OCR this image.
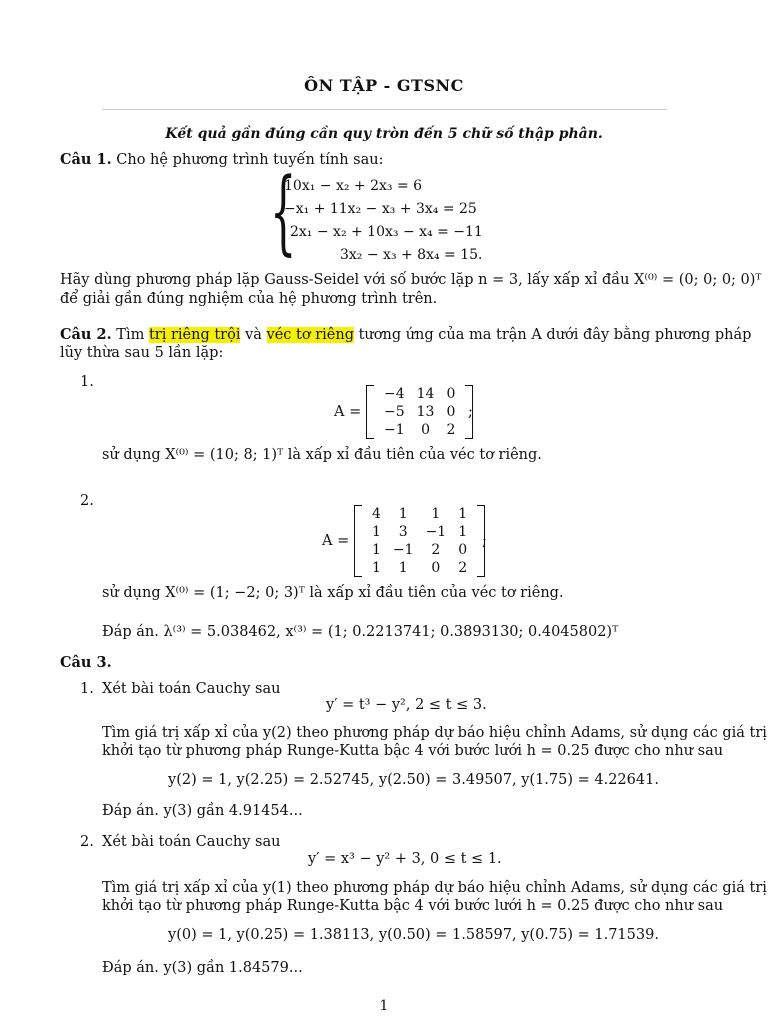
ÔN TẬP - GTSNC
Kết quả gần đúng cần quy tròn đến 5 chữ số thập phân.
Câu 1. Cho hệ phương trình tuyến tính sau:
{
10x₁ − x₂ + 2x₃ = 6
−x₁ + 11x₂ − x₃ + 3x₄ = 25
2x₁ − x₂ + 10x₃ − x₄ = −11
3x₂ − x₃ + 8x₄ = 15.
Hãy dùng phương pháp lặp Gauss-Seidel với số bước lặp n = 3, lấy xấp xỉ đầu X⁽⁰⁾ = (0; 0; 0; 0)ᵀ
để giải gần đúng nghiệm của hệ phương trình trên.
Câu 2. Tìm trị riêng trội và véc tơ riêng tương ứng của ma trận A dưới đây bằng phương pháp
lũy thừa sau 5 lần lặp:
1.
A =
−4	14	0
−5	13	0
−1	0	2
;
sử dụng X⁽⁰⁾ = (10; 8; 1)ᵀ là xấp xỉ đầu tiên của véc tơ riêng.
2.
A =
4	1	1	1
1	3	−1	1
1	−1	2	0
1	1	0	2
;
sử dụng X⁽⁰⁾ = (1; −2; 0; 3)ᵀ là xấp xỉ đầu tiên của véc tơ riêng.
Đáp án. λ⁽³⁾ = 5.038462, x⁽³⁾ = (1; 0.2213741; 0.3893130; 0.4045802)ᵀ
Câu 3.
1. Xét bài toán Cauchy sau
y′ = t³ − y², 2 ≤ t ≤ 3.
Tìm giá trị xấp xỉ của y(2) theo phương pháp dự báo hiệu chỉnh Adams, sử dụng các giá trị
khởi tạo từ phương pháp Runge-Kutta bậc 4 với bước lưới h = 0.25 được cho như sau
y(2) = 1, y(2.25) = 2.52745, y(2.50) = 3.49507, y(1.75) = 4.22641.
Đáp án. y(3) gần 4.91454...
2. Xét bài toán Cauchy sau
y′ = x³ − y² + 3, 0 ≤ t ≤ 1.
Tìm giá trị xấp xỉ của y(1) theo phương pháp dự báo hiệu chỉnh Adams, sử dụng các giá trị
khởi tạo từ phương pháp Runge-Kutta bậc 4 với bước lưới h = 0.25 được cho như sau
y(0) = 1, y(0.25) = 1.38113, y(0.50) = 1.58597, y(0.75) = 1.71539.
Đáp án. y(3) gần 1.84579...
1
